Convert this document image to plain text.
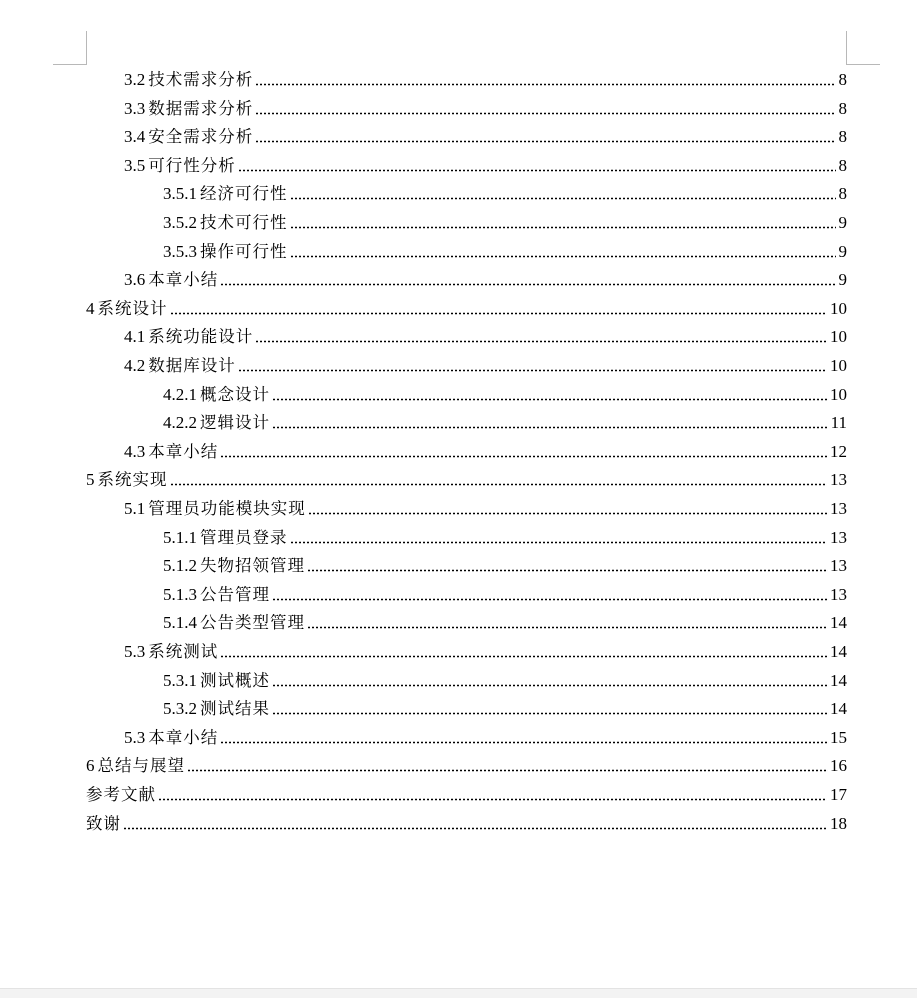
3.2 技术需求分析	8
3.3 数据需求分析	8
3.4 安全需求分析	8
3.5 可行性分析	8
3.5.1 经济可行性	8
3.5.2 技术可行性	9
3.5.3 操作可行性	9
3.6 本章小结	9
4 系统设计	10
4.1 系统功能设计	10
4.2 数据库设计	10
4.2.1 概念设计	10
4.2.2 逻辑设计	11
4.3 本章小结	12
5 系统实现	13
5.1 管理员功能模块实现	13
5.1.1 管理员登录	13
5.1.2 失物招领管理	13
5.1.3 公告管理	13
5.1.4 公告类型管理	14
5.3 系统测试	14
5.3.1 测试概述	14
5.3.2 测试结果	14
5.3 本章小结	15
6 总结与展望	16
参考文献	17
致谢	18
